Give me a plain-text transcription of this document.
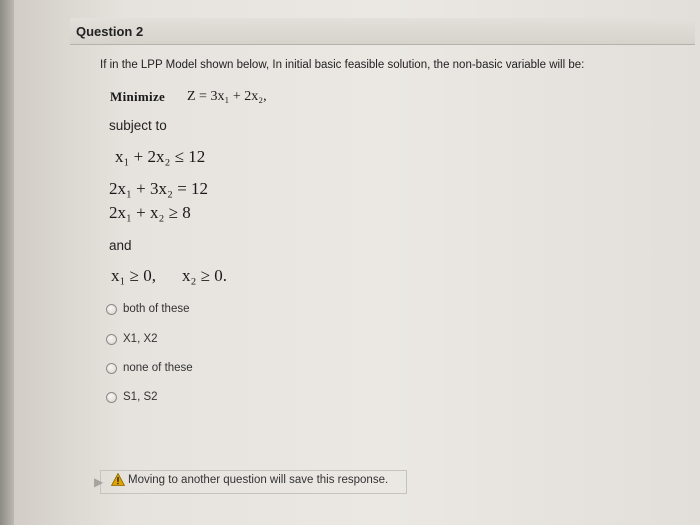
Question 2
If in the LPP Model shown below, In initial basic feasible solution, the non-basic variable will be:
Minimize Z = 3x₁ + 2x₂,
subject to
x₁ + 2x₂ ≤ 12
2x₁ + 3x₂ = 12
2x₁ + x₂ ≥ 8
and
x₁ ≥ 0, x₂ ≥ 0.
both of these
X1, X2
none of these
S1, S2
▶ Moving to another question will save this response.
